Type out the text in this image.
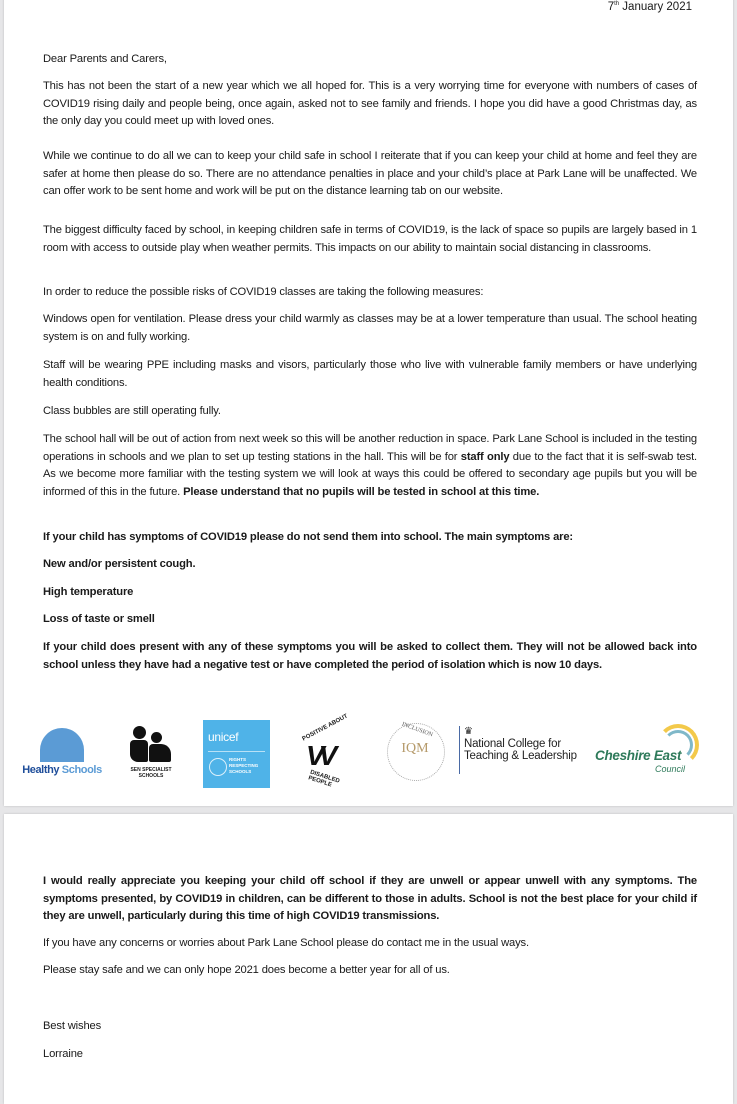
7th January 2021

Dear Parents and Carers,

This has not been the start of a new year which we all hoped for. This is a very worrying time for everyone with numbers of cases of COVID19 rising daily and people being, once again, asked not to see family and friends. I hope you did have a good Christmas day, as the only day you could meet up with loved ones.

While we continue to do all we can to keep your child safe in school I reiterate that if you can keep your child at home and feel they are safer at home then please do so. There are no attendance penalties in place and your child’s place at Park Lane will be unaffected. We can offer work to be sent home and work will be put on the distance learning tab on our website.

The biggest difficulty faced by school, in keeping children safe in terms of COVID19, is the lack of space so pupils are largely based in 1 room with access to outside play when weather permits. This impacts on our ability to maintain social distancing in classrooms.

In order to reduce the possible risks of COVID19 classes are taking the following measures:

Windows open for ventilation. Please dress your child warmly as classes may be at a lower temperature than usual. The school heating system is on and fully working.

Staff will be wearing PPE including masks and visors, particularly those who live with vulnerable family members or have underlying health conditions.

Class bubbles are still operating fully.

The school hall will be out of action from next week so this will be another reduction in space. Park Lane School is included in the testing operations in schools and we plan to set up testing stations in the hall. This will be for staff only due to the fact that it is self-swab test. As we become more familiar with the testing system we will look at ways this could be offered to secondary age pupils but you will be informed of this in the future. Please understand that no pupils will be tested in school at this time.

If your child has symptoms of COVID19 please do not send them into school. The main symptoms are:

New and/or persistent cough.

High temperature

Loss of taste or smell

If your child does present with any of these symptoms you will be asked to collect them. They will not be allowed back into school unless they have had a negative test or have completed the period of isolation which is now 10 days.

Healthy Schools	SEN SPECIALIST
SCHOOLS
unicef
RIGHTS
RESPECTING
SCHOOLS
POSITIVE ABOUT
VV
DISABLED PEOPLE
INCLUSION
IQM
♛
National College for
Teaching & Leadership	Cheshire East
Council

I would really appreciate you keeping your child off school if they are unwell or appear unwell with any symptoms. The symptoms presented, by COVID19 in children, can be different to those in adults. School is not the best place for your child if they are unwell, particularly during this time of high COVID19 transmissions.

If you have any concerns or worries about Park Lane School please do contact me in the usual ways.

Please stay safe and we can only hope 2021 does become a better year for all of us.

Best wishes

Lorraine
